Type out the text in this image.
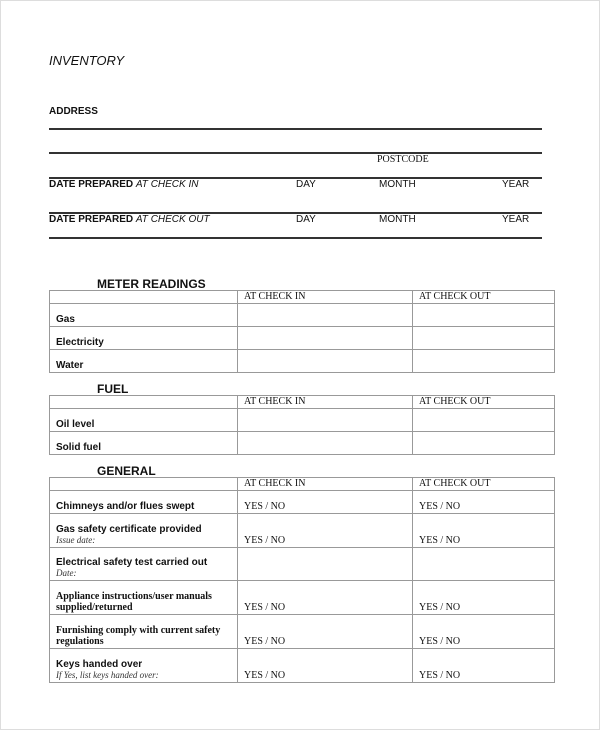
INVENTORY
ADDRESS
POSTCODE
DATE PREPARED AT CHECK IN	DAY	MONTH	YEAR
DATE PREPARED AT CHECK OUT	DAY	MONTH	YEAR
METER READINGS
	AT CHECK IN	AT CHECK OUT
Gas		
Electricity		
Water		
FUEL
	AT CHECK IN	AT CHECK OUT
Oil level		
Solid fuel		
GENERAL
	AT CHECK IN	AT CHECK OUT
Chimneys and/or flues swept	YES / NO	YES / NO
Gas safety certificate provided
Issue date:	YES / NO	YES / NO
Electrical safety test carried out
Date:		

Appliance instructions/user manuals supplied/returned	YES / NO	YES / NO
Furnishing comply with current safety regulations	YES / NO	YES / NO
Keys handed over
If Yes, list keys handed over:	YES / NO	YES / NO
